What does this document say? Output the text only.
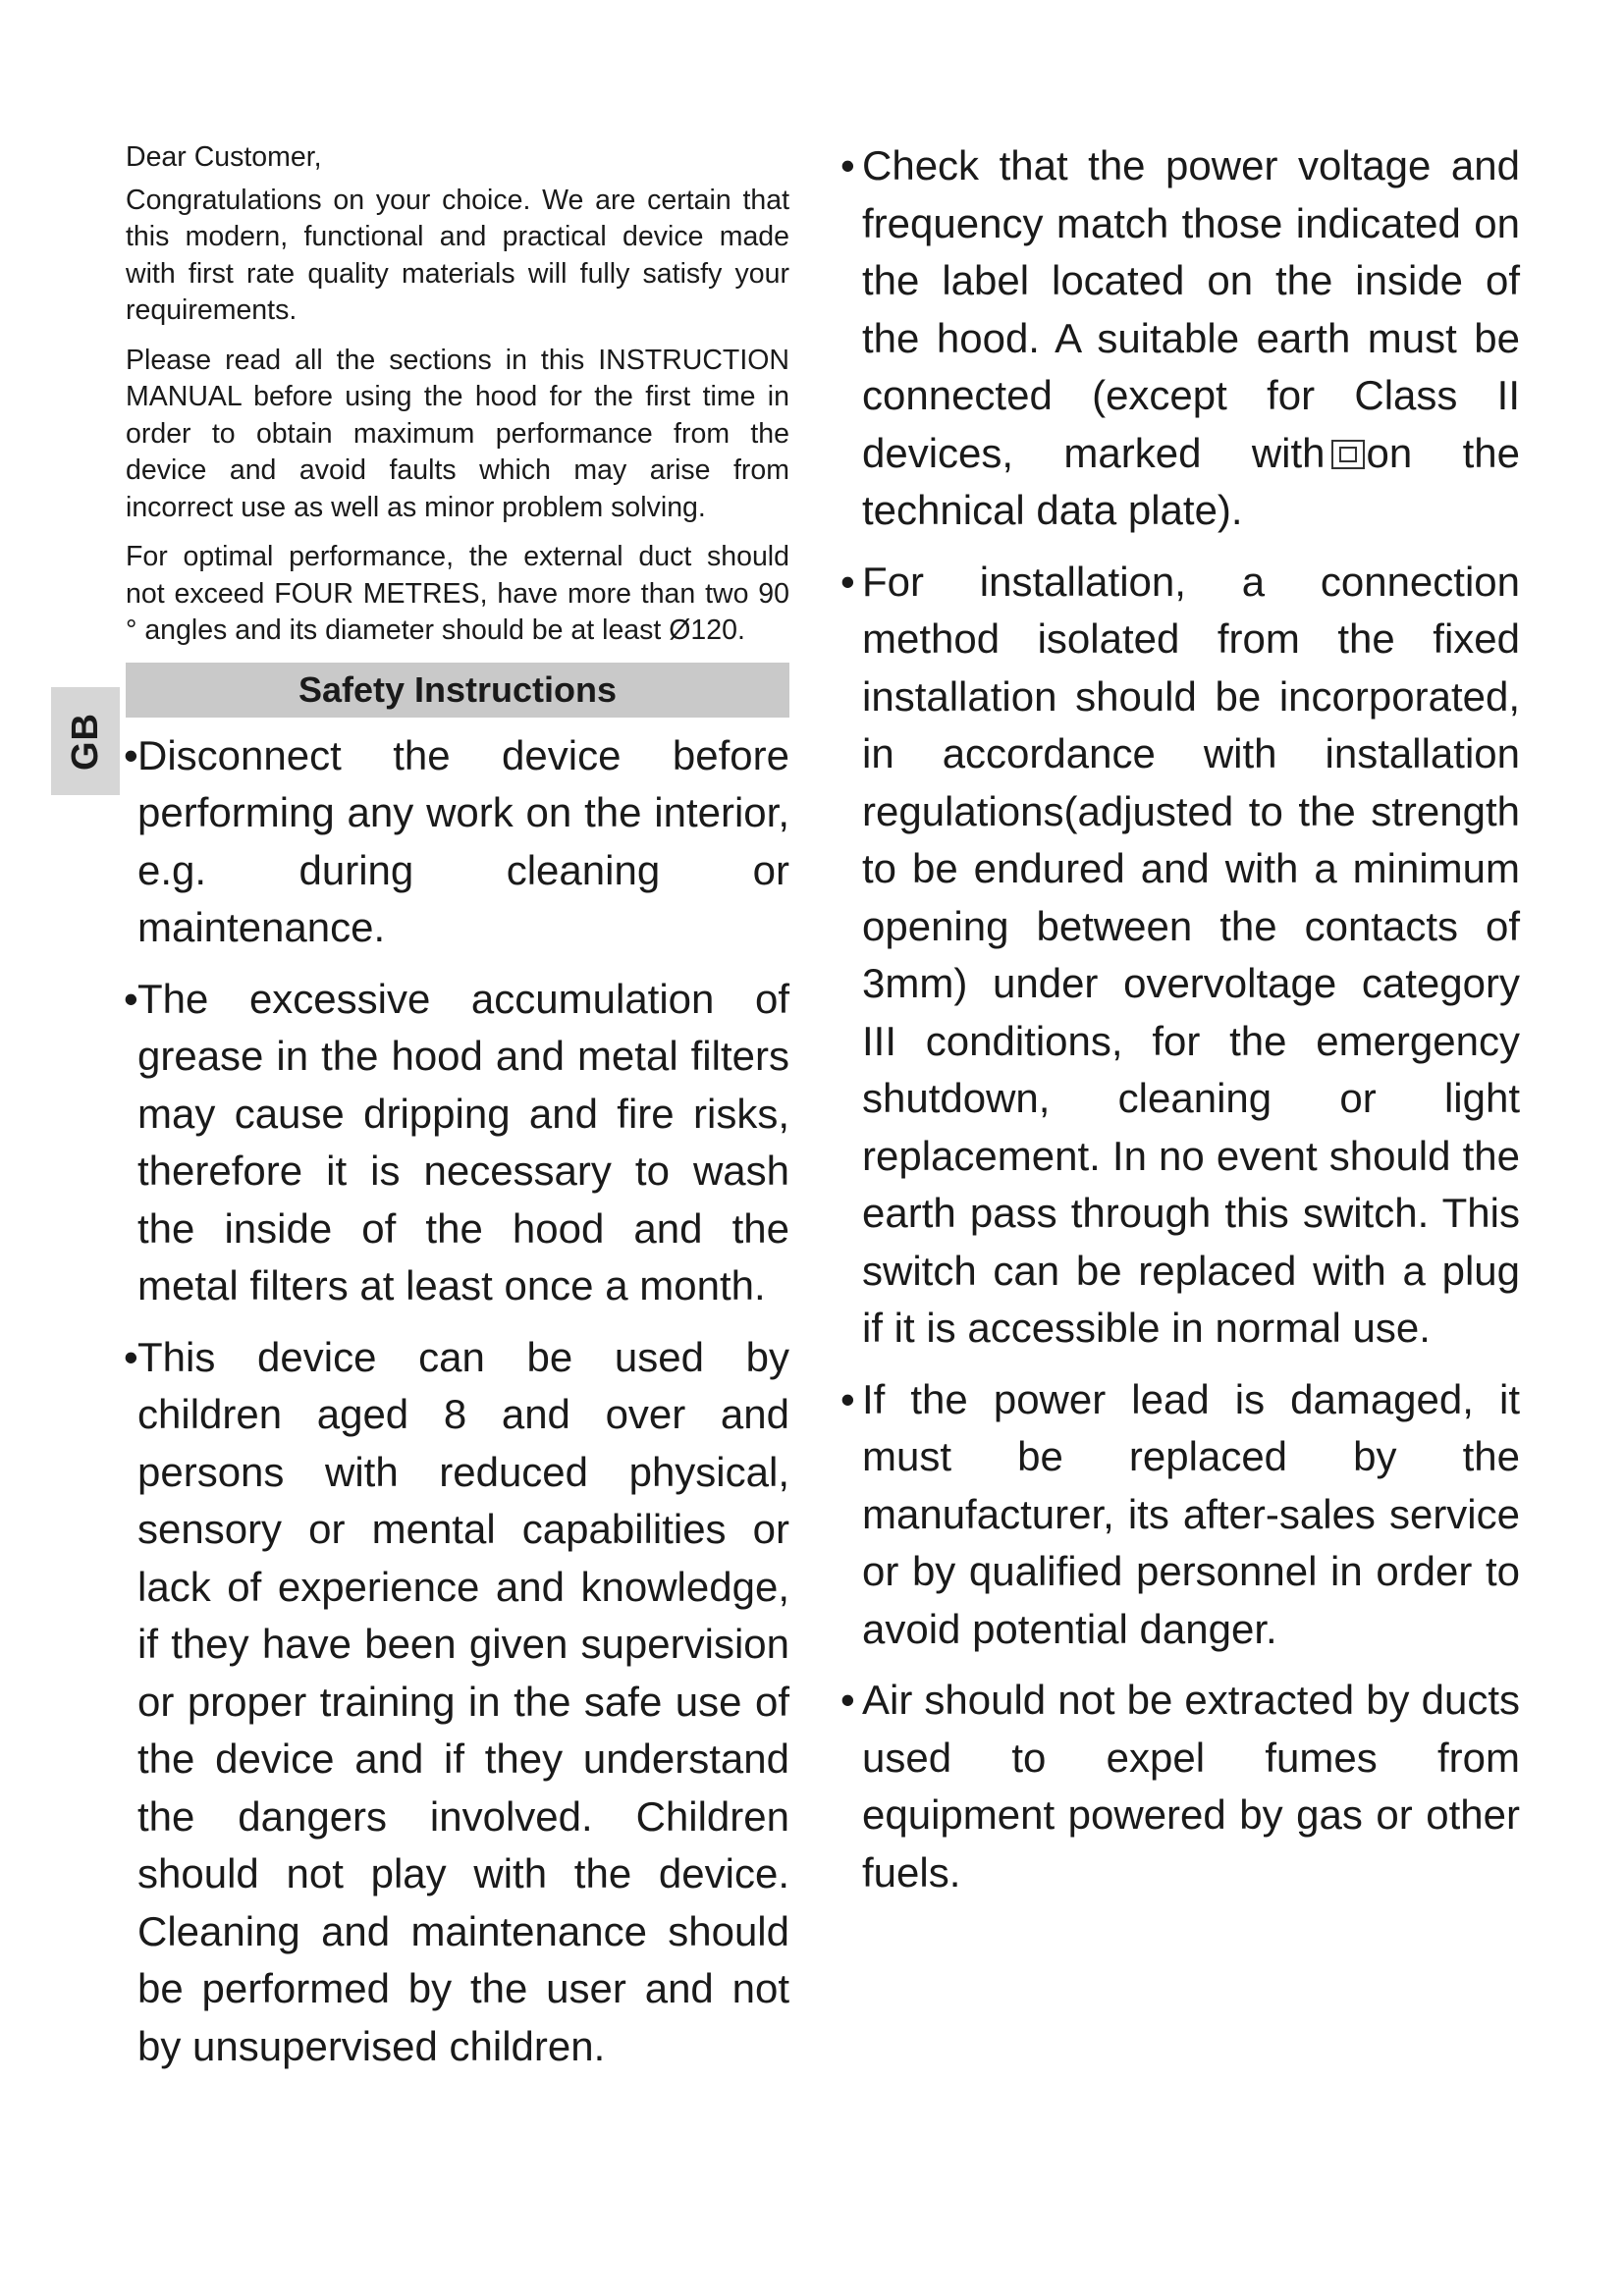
GB

Dear Customer,

Congratulations on your choice. We are certain that this modern, functional and practical device made with first rate quality materials will fully satisfy your requirements.

Please read all the sections in this INSTRUCTION MANUAL before using the hood for the first time in order to obtain maximum performance from the device and avoid faults which may arise from incorrect use as well as minor problem solving.

For optimal performance, the external duct should not exceed FOUR METRES, have more than two 90 ° angles and its diameter should be at least Ø120.

Safety Instructions
• Disconnect the device before performing any work on the interior, e.g. during cleaning or maintenance.
• The excessive accumulation of grease in the hood and metal filters may cause dripping and fire risks, therefore it is necessary to wash the inside of the hood and the metal filters at least once a month.
• This device can be used by children aged 8 and over and persons with reduced physical, sensory or mental capabilities or lack of experience and knowledge, if they have been given supervision or proper training in the safe use of the device and if they understand the dangers involved. Children should not play with the device. Cleaning and maintenance should be performed by the user and not by unsupervised children.
• Check that the power voltage and frequency match those indicated on the label located on the inside of the hood. A suitable earth must be connected (except for Class II devices, marked with on the technical data plate).
• For installation, a connection method isolated from the fixed installation should be incorporated, in accordance with installation regulations(adjusted to the strength to be endured and with a minimum opening between the contacts of 3mm) under overvoltage category III conditions, for the emergency shutdown, cleaning or light replacement. In no event should the earth pass through this switch. This switch can be replaced with a plug if it is accessible in normal use.
• If the power lead is damaged, it must be replaced by the manufacturer, its after-sales service or by qualified personnel in order to avoid potential danger.
• Air should not be extracted by ducts used to expel fumes from equipment powered by gas or other fuels.
